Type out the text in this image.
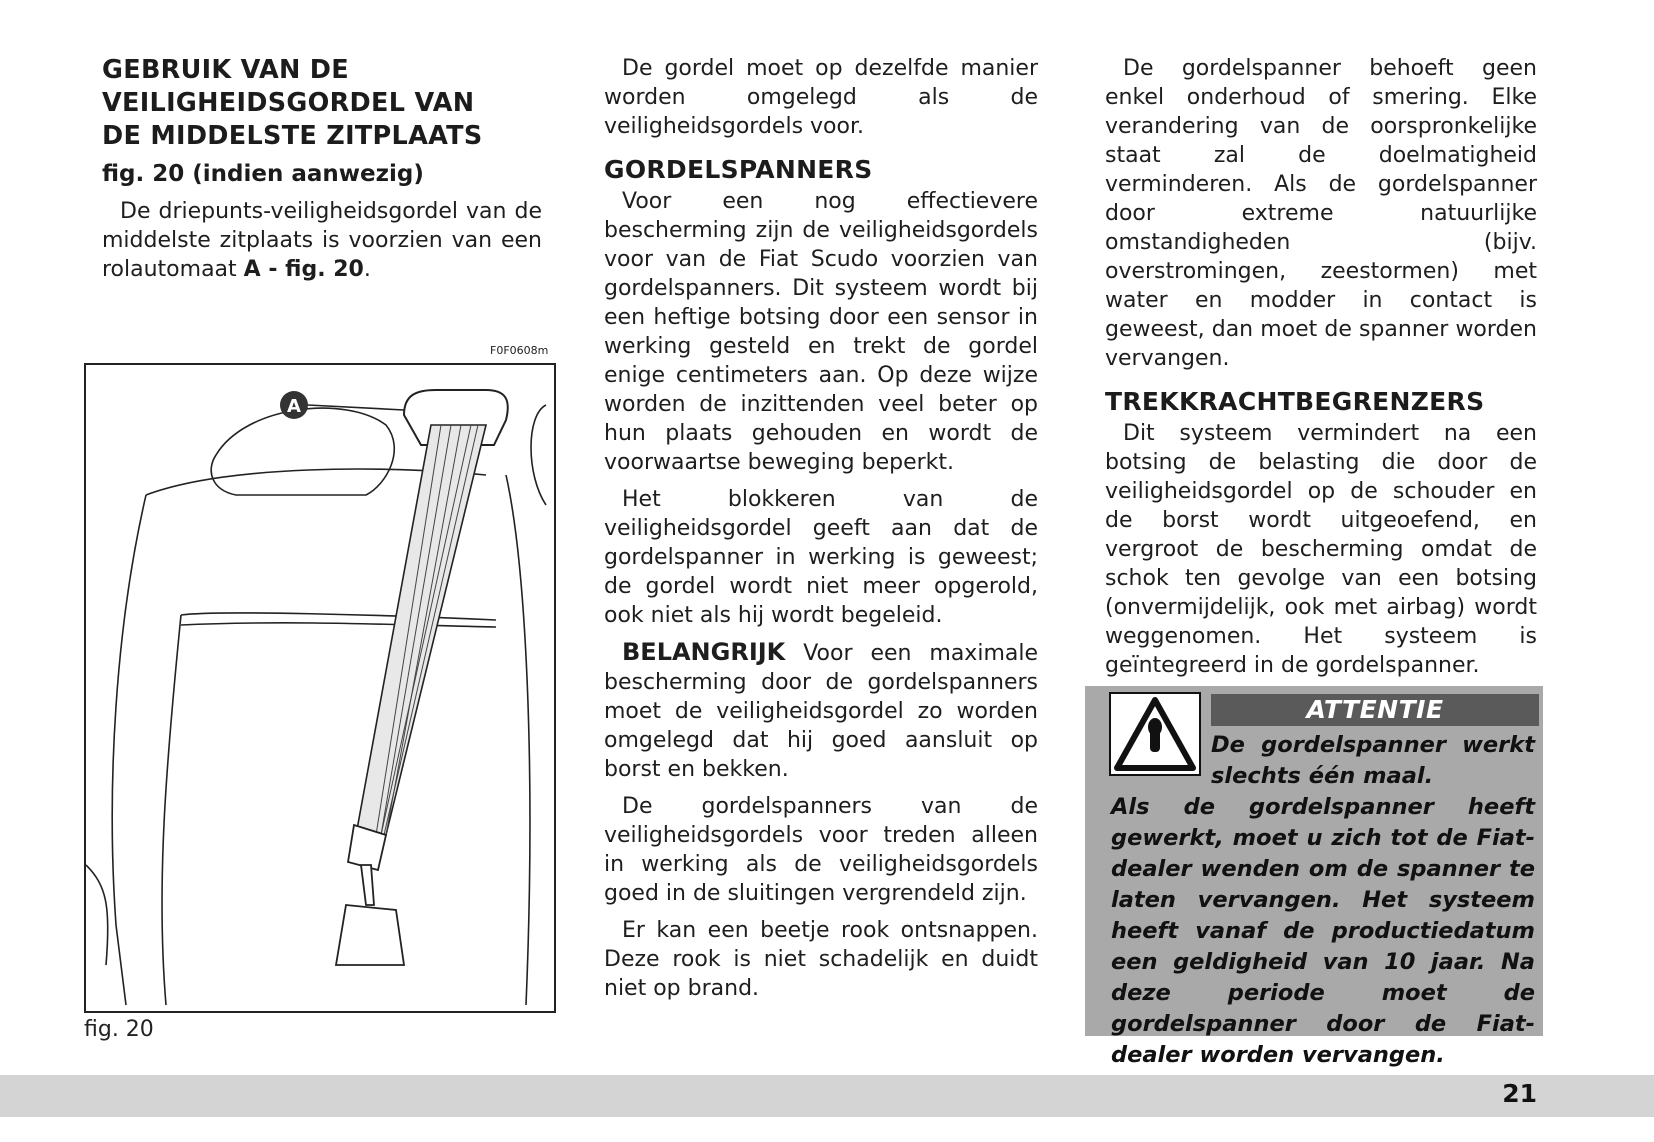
GEBRUIK VAN DE
VEILIGHEIDSGORDEL VAN
DE MIDDELSTE ZITPLAATS
fig. 20 (indien aanwezig)

De driepunts-veiligheidsgordel van de middelste zitplaats is voorzien van een rolautomaat A - fig. 20.

F0F0608m
A
fig. 20

De gordel moet op dezelfde manier worden omgelegd als de veiligheidsgordels voor.

GORDELSPANNERS

Voor een nog effectievere bescherming zijn de veiligheidsgordels voor van de Fiat Scudo voorzien van gordelspanners. Dit systeem wordt bij een heftige botsing door een sensor in werking gesteld en trekt de gordel enige centimeters aan. Op deze wijze worden de inzittenden veel beter op hun plaats gehouden en wordt de voorwaartse beweging beperkt.

Het blokkeren van de veiligheidsgordel geeft aan dat de gordelspanner in werking is geweest; de gordel wordt niet meer opgerold, ook niet als hij wordt begeleid.

BELANGRIJK Voor een maximale bescherming door de gordelspanners moet de veiligheidsgordel zo worden omgelegd dat hij goed aansluit op borst en bekken.

De gordelspanners van de veiligheidsgordels voor treden alleen in werking als de veiligheidsgordels goed in de sluitingen vergrendeld zijn.

Er kan een beetje rook ontsnappen. Deze rook is niet schadelijk en duidt niet op brand.

De gordelspanner behoeft geen enkel onderhoud of smering. Elke verandering van de oorspronkelijke staat zal de doelmatigheid verminderen. Als de gordelspanner door extreme natuurlijke omstandigheden (bijv. overstromingen, zeestormen) met water en modder in contact is geweest, dan moet de spanner worden vervangen.

TREKKRACHTBEGRENZERS

Dit systeem vermindert na een botsing de belasting die door de veiligheidsgordel op de schouder en de borst wordt uitgeoefend, en vergroot de bescherming omdat de schok ten gevolge van een botsing (onvermijdelijk, ook met airbag) wordt weggenomen. Het systeem is geïntegreerd in de gordelspanner.

ATTENTIE
De gordelspanner werkt slechts één maal.
Als de gordelspanner heeft gewerkt, moet u zich tot de Fiat-dealer wenden om de spanner te laten vervangen. Het systeem heeft vanaf de productiedatum een geldigheid van 10 jaar. Na deze periode moet de gordelspanner door de Fiat-dealer worden vervangen.
21
